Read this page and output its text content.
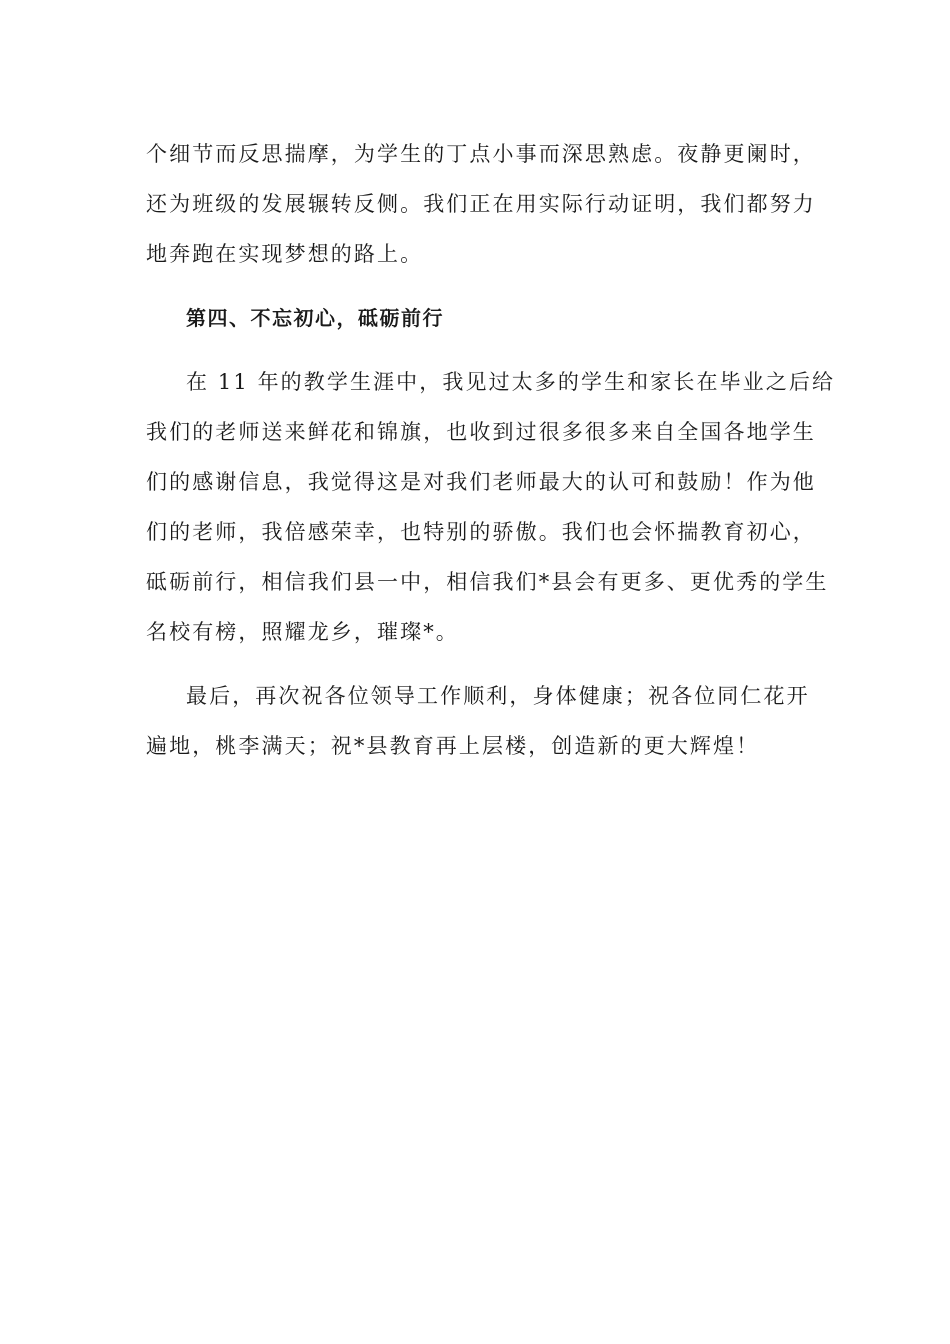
个细节而反思揣摩，为学生的丁点小事而深思熟虑。夜静更阑时，
还为班级的发展辗转反侧。我们正在用实际行动证明，我们都努力
地奔跑在实现梦想的路上。
第四、不忘初心，砥砺前行
在 11 年的教学生涯中，我见过太多的学生和家长在毕业之后给
我们的老师送来鲜花和锦旗，也收到过很多很多来自全国各地学生
们的感谢信息，我觉得这是对我们老师最大的认可和鼓励！作为他
们的老师，我倍感荣幸，也特别的骄傲。我们也会怀揣教育初心，
砥砺前行，相信我们县一中，相信我们*县会有更多、更优秀的学生
名校有榜，照耀龙乡，璀璨*。
最后，再次祝各位领导工作顺利，身体健康；祝各位同仁花开
遍地，桃李满天；祝*县教育再上层楼，创造新的更大辉煌！
